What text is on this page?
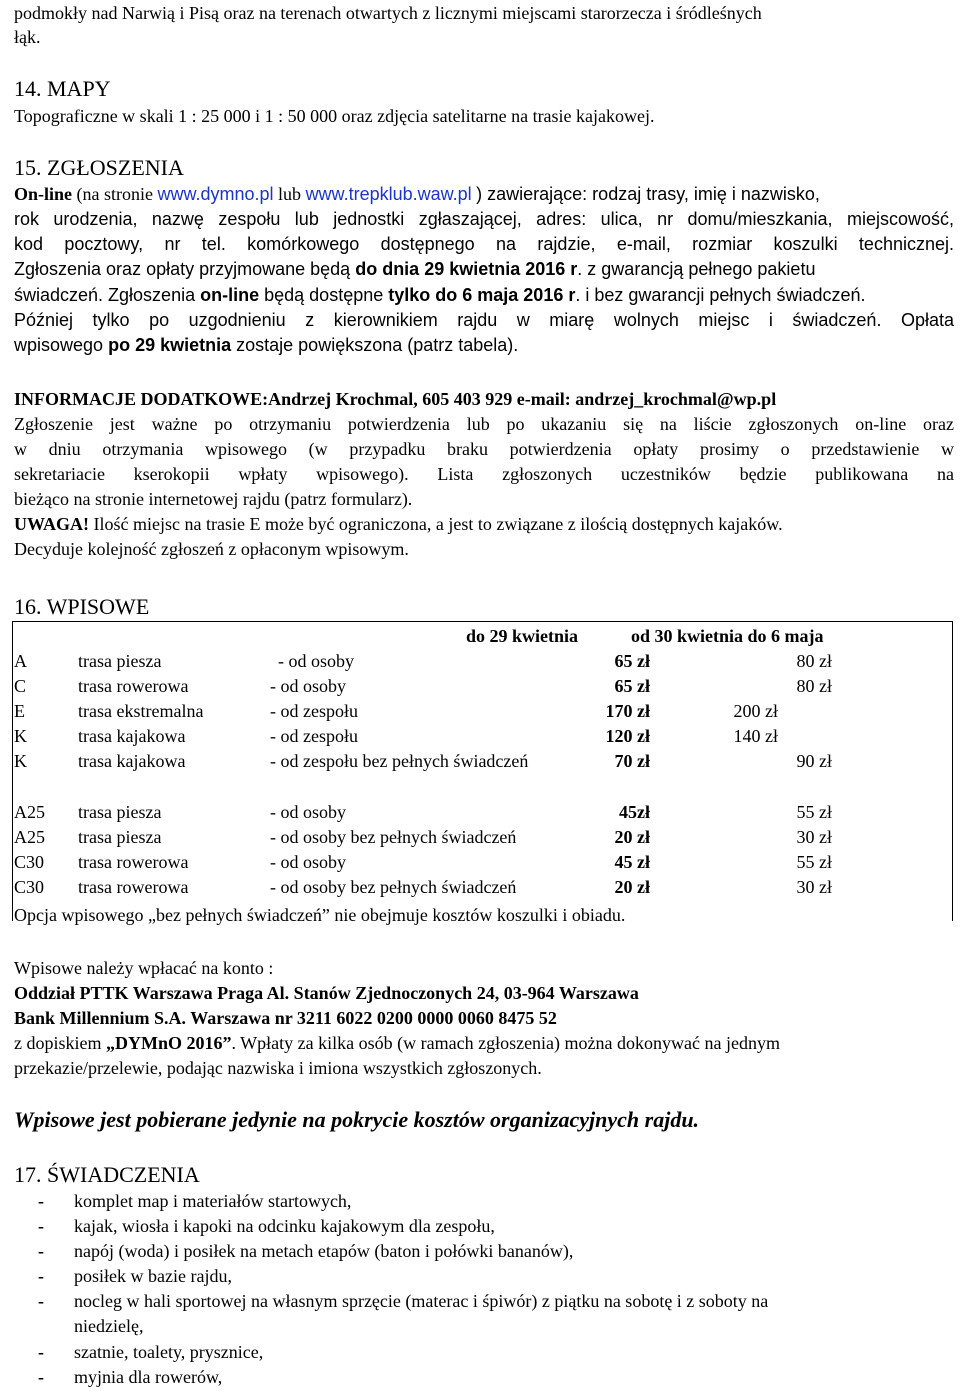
podmokły nad Narwią i Pisą oraz na terenach otwartych z licznymi miejscami starorzecza i śródleśnych
łąk.
14. MAPY
Topograficzne w skali 1 : 25 000 i 1 : 50 000 oraz zdjęcia satelitarne na trasie kajakowej.
15. ZGŁOSZENIA
On-line (na stronie www.dymno.pl lub www.trepklub.waw.pl ) zawierające: rodzaj trasy, imię i nazwisko,
rok urodzenia, nazwę zespołu lub jednostki zgłaszającej, adres: ulica, nr domu/mieszkania, miejscowość,
kod pocztowy, nr tel. komórkowego dostępnego na rajdzie, e-mail, rozmiar koszulki technicznej.
Zgłoszenia oraz opłaty przyjmowane będą do dnia 29 kwietnia 2016 r. z gwarancją pełnego pakietu
świadczeń. Zgłoszenia on-line będą dostępne tylko do 6 maja 2016 r. i bez gwarancji pełnych świadczeń.
Później tylko po uzgodnieniu z kierownikiem rajdu w miarę wolnych miejsc i świadczeń. Opłata
wpisowego po 29 kwietnia zostaje powiększona (patrz tabela).
INFORMACJE DODATKOWE:Andrzej Krochmal, 605 403 929 e-mail: andrzej_krochmal@wp.pl
Zgłoszenie jest ważne po otrzymaniu potwierdzenia lub po ukazaniu się na liście zgłoszonych on-line oraz
w dniu otrzymania wpisowego (w przypadku braku potwierdzenia opłaty prosimy o przedstawienie w
sekretariacie kserokopii wpłaty wpisowego). Lista zgłoszonych uczestników będzie publikowana na
bieżąco na stronie internetowej rajdu (patrz formularz).
UWAGA! Ilość miejsc na trasie E może być ograniczona, a jest to związane z ilością dostępnych kajaków.
Decyduje kolejność zgłoszeń z opłaconym wpisowym.
16. WPISOWE
do 29 kwietnia	od 30 kwietnia do 6 maja
A	trasa piesza	- od osoby	65 zł	80 zł
C	trasa rowerowa	- od osoby	65 zł	80 zł
E	trasa ekstremalna	- od zespołu	170 zł	200 zł
K	trasa kajakowa	- od zespołu	120 zł	140 zł
K	trasa kajakowa	- od zespołu bez pełnych świadczeń	70 zł	90 zł
A25 trasa piesza	- od osoby	45zł	55 zł
A25 trasa piesza	- od osoby bez pełnych świadczeń	20 zł	30 zł
C30 trasa rowerowa	- od osoby	45 zł	55 zł
C30 trasa rowerowa	- od osoby bez pełnych świadczeń	20 zł	30 zł
Opcja wpisowego „bez pełnych świadczeń” nie obejmuje kosztów koszulki i obiadu.
Wpisowe należy wpłacać na konto :
Oddział PTTK Warszawa Praga Al. Stanów Zjednoczonych 24, 03-964 Warszawa
Bank Millennium S.A. Warszawa nr 3211 6022 0200 0000 0060 8475 52
z dopiskiem „DYMnO 2016”. Wpłaty za kilka osób (w ramach zgłoszenia) można dokonywać na jednym
przekazie/przelewie, podając nazwiska i imiona wszystkich zgłoszonych.
Wpisowe jest pobierane jedynie na pokrycie kosztów organizacyjnych rajdu.
17. ŚWIADCZENIA
- komplet map i materiałów startowych,
- kajak, wiosła i kapoki na odcinku kajakowym dla zespołu,
- napój (woda) i posiłek na metach etapów (baton i połówki bananów),
- posiłek w bazie rajdu,
- nocleg w hali sportowej na własnym sprzęcie (materac i śpiwór) z piątku na sobotę i z soboty na
niedzielę,
- szatnie, toalety, prysznice,
- myjnia dla rowerów,
